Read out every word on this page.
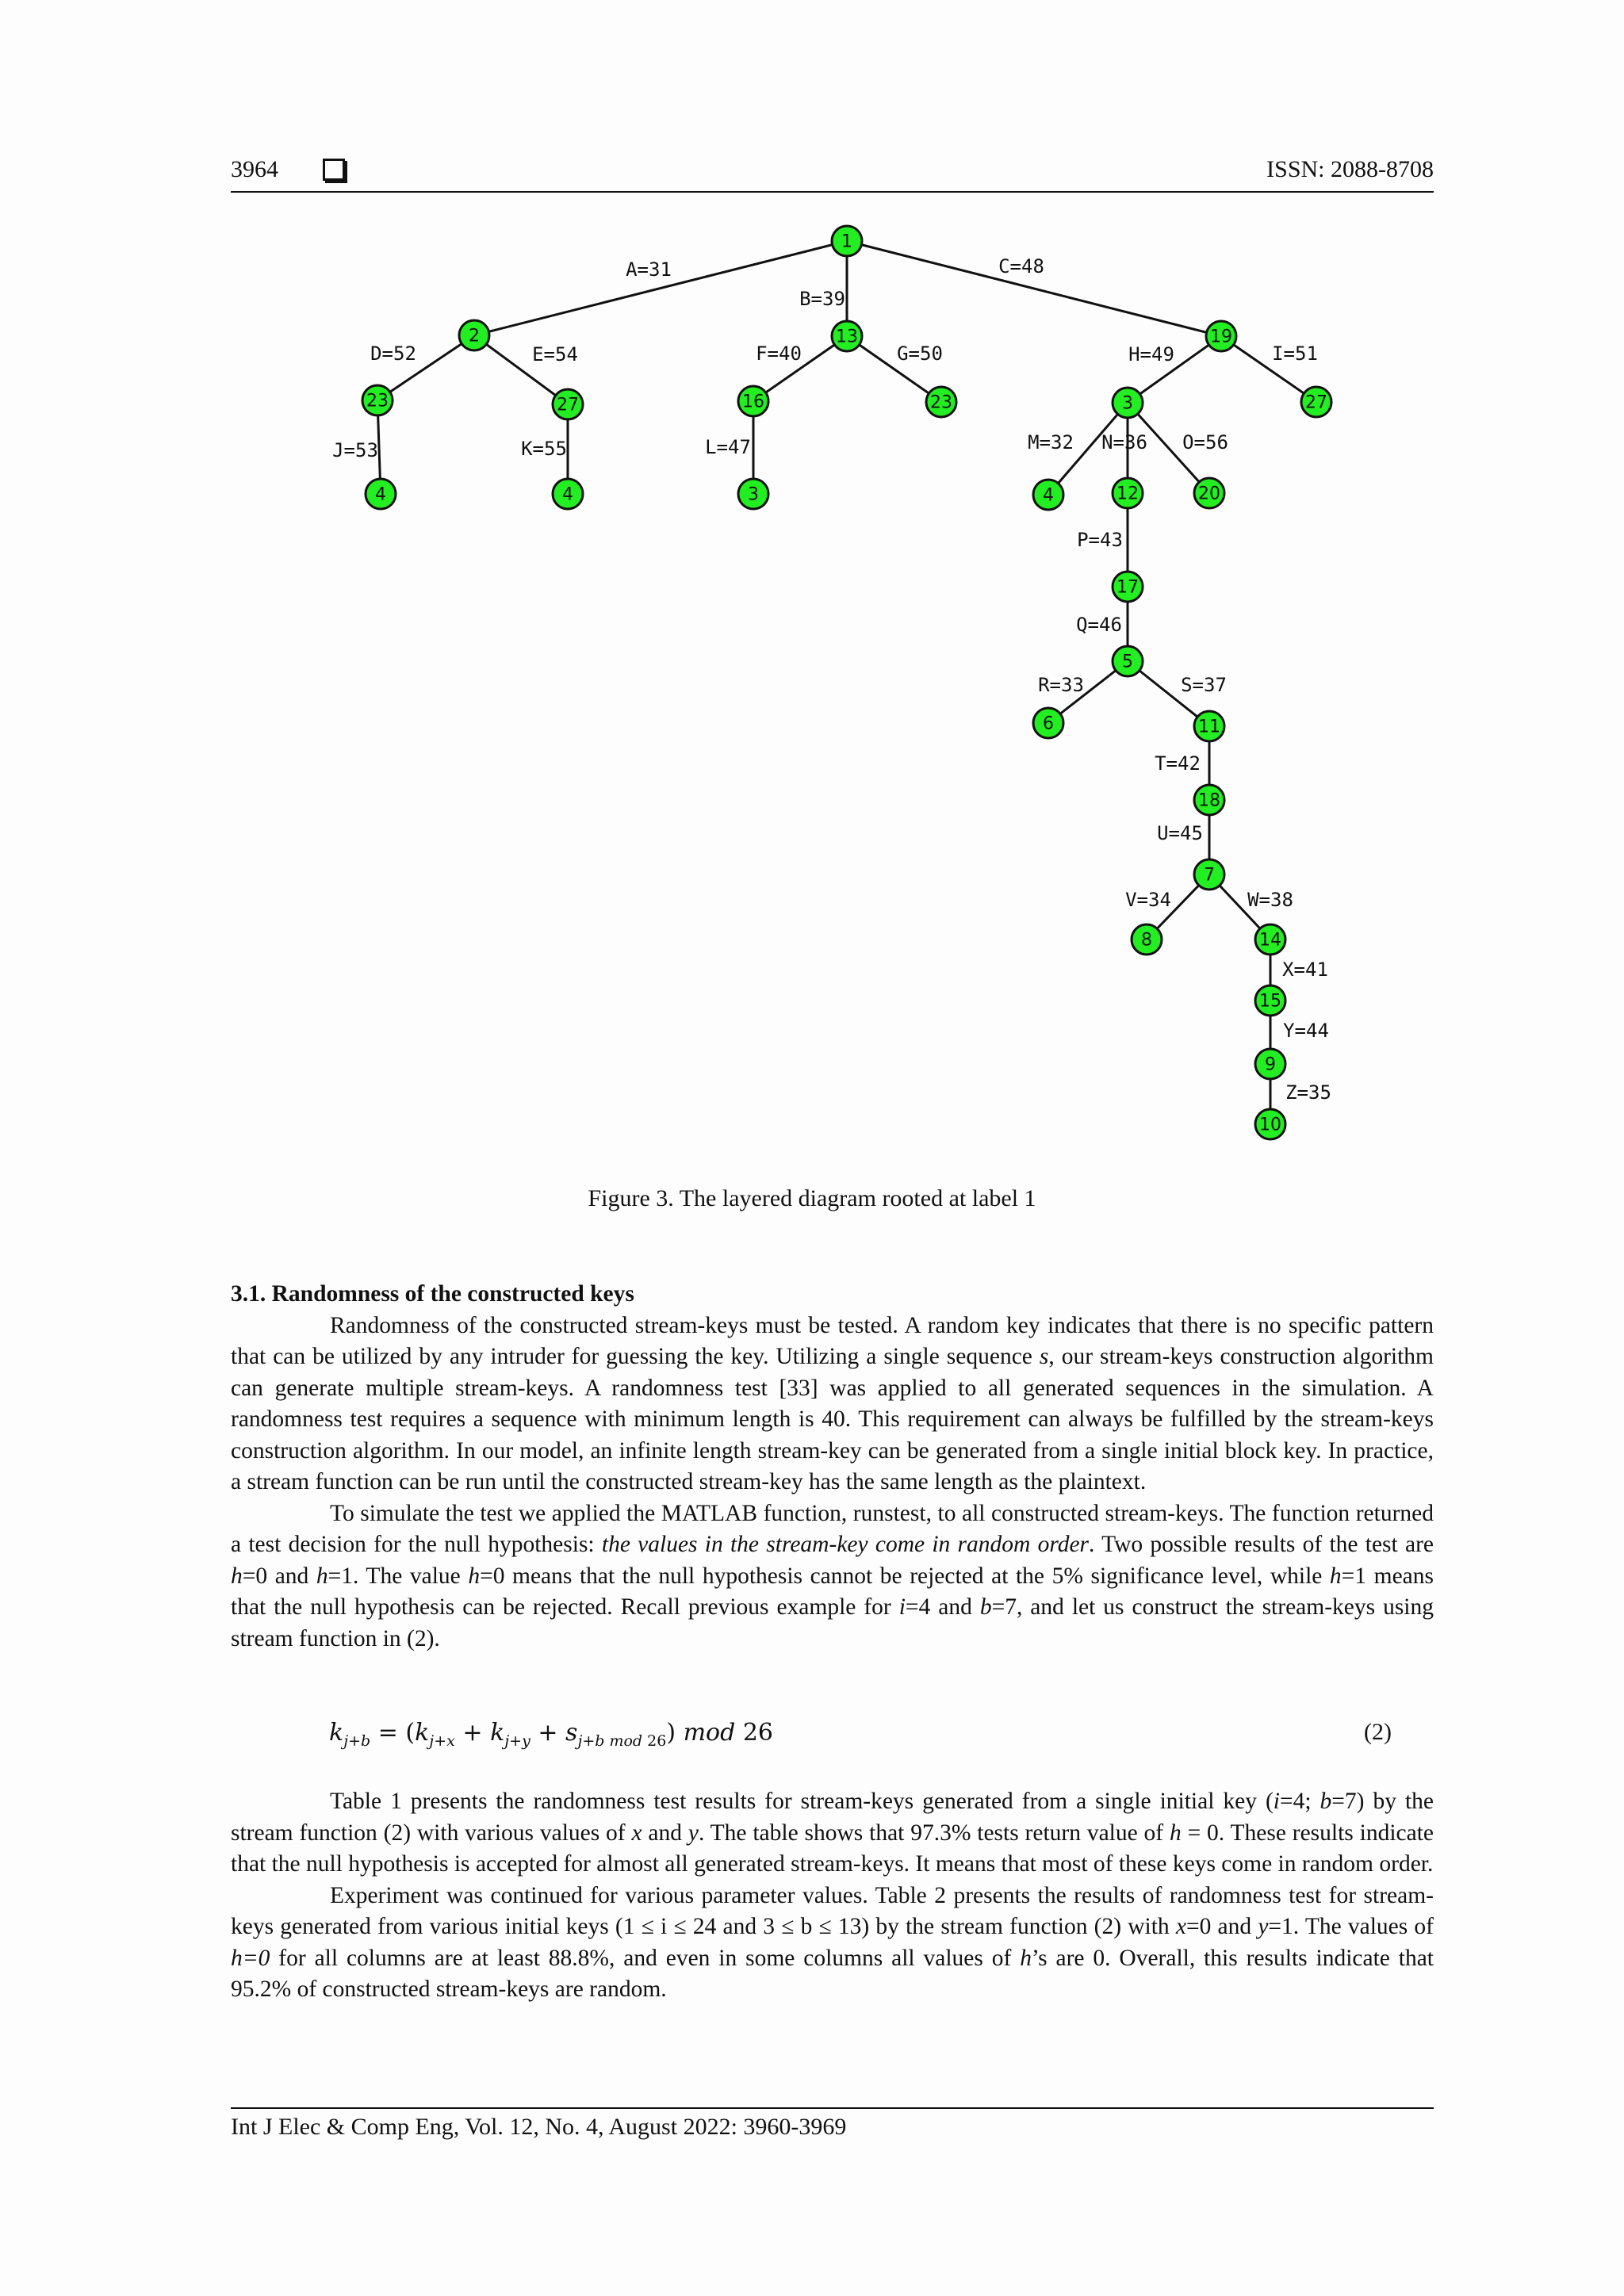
3964	ISSN: 2088-8708
A=31
B=39
C=48
D=52	E=54	F=40	G=50	H=49	I=51
J=53	K=55	L=47	M=32 N=36 O=56
P=43
Q=46
R=33	S=37
T=42
U=45
V=34	W=38
X=41
Y=44
Z=35
1
2	13	19
23	27	16	23	3	27
4	4	3	4	12	20
17
5
6	11
18
7
8	14
15
9
10
Figure 3. The layered diagram rooted at label 1

3.1. Randomness of the constructed keys

Randomness of the constructed stream-keys must be tested. A random key indicates that there is no specific pattern that can be utilized by any intruder for guessing the key. Utilizing a single sequence s, our stream-keys construction algorithm can generate multiple stream-keys. A randomness test [33] was applied to all generated sequences in the simulation. A randomness test requires a sequence with minimum length is 40. This requirement can always be fulfilled by the stream-keys construction algorithm. In our model, an infinite length stream-key can be generated from a single initial block key. In practice, a stream function can be run until the constructed stream-key has the same length as the plaintext.

To simulate the test we applied the MATLAB function, runstest, to all constructed stream-keys. The function returned a test decision for the null hypothesis: the values in the stream-key come in random order. Two possible results of the test are h=0 and h=1. The value h=0 means that the null hypothesis cannot be rejected at the 5% significance level, while h=1 means that the null hypothesis can be rejected. Recall previous example for i=4 and b=7, and let us construct the stream-keys using stream function in (2).

$k_{j+b} = (k_{j+x} + k_{j+y} + s_{j+b mod 26})$ mod 26	(2)

Table 1 presents the randomness test results for stream-keys generated from a single initial key (i=4; b=7) by the stream function (2) with various values of x and y. The table shows that 97.3% tests return value of h = 0. These results indicate that the null hypothesis is accepted for almost all generated stream-keys. It means that most of these keys come in random order.

Experiment was continued for various parameter values. Table 2 presents the results of randomness test for stream-keys generated from various initial keys (1 ≤ i ≤ 24 and 3 ≤ b ≤ 13) by the stream function (2) with x=0 and y=1. The values of h=0 for all columns are at least 88.8%, and even in some columns all values of h’s are 0. Overall, this results indicate that 95.2% of constructed stream-keys are random.

Int J Elec & Comp Eng, Vol. 12, No. 4, August 2022: 3960-3969
